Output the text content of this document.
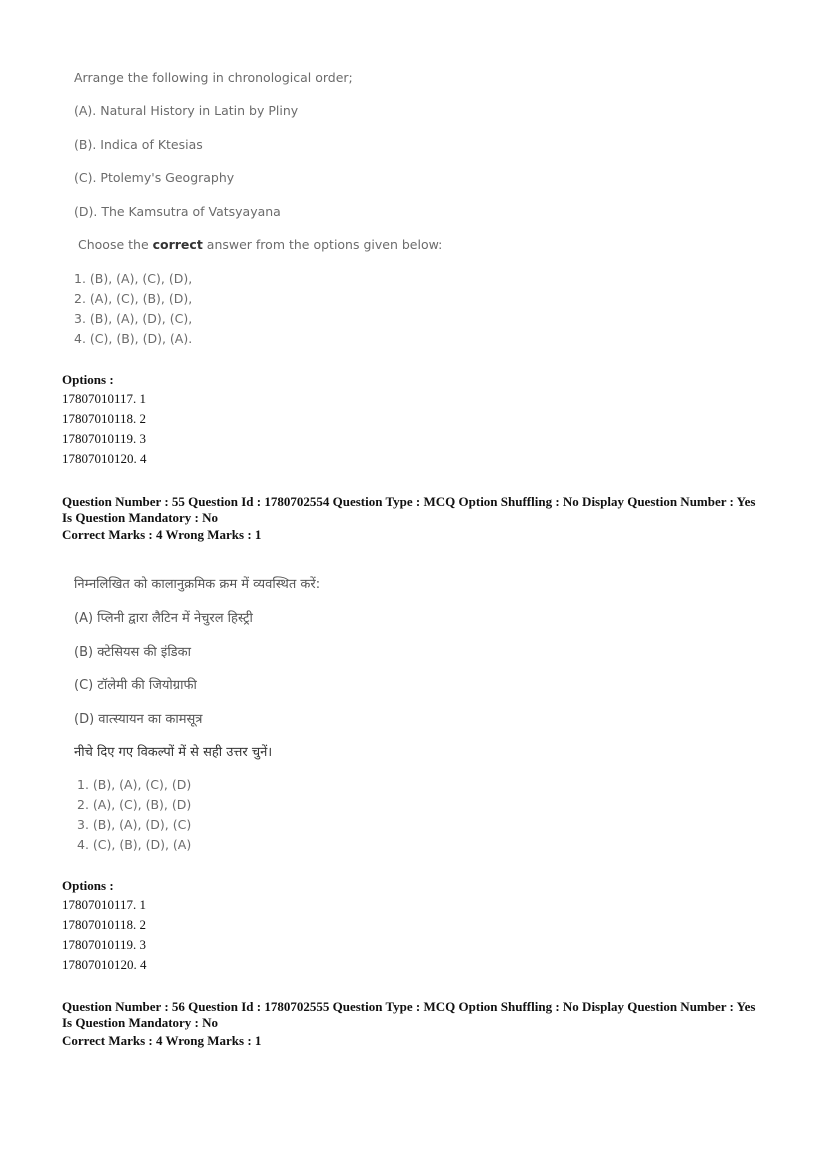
Arrange the following in chronological order;
(A). Natural History in Latin by Pliny
(B). Indica of Ktesias
(C). Ptolemy's Geography
(D). The Kamsutra of Vatsyayana
Choose the correct answer from the options given below:
1. (B), (A), (C), (D),
2. (A), (C), (B), (D),
3. (B), (A), (D), (C),
4. (C), (B), (D), (A).
Options :
17807010117. 1
17807010118. 2
17807010119. 3
17807010120. 4
Question Number : 55 Question Id : 1780702554 Question Type : MCQ Option Shuffling : No Display Question Number : Yes
Is Question Mandatory : No
Correct Marks : 4 Wrong Marks : 1
निम्नलिखित को कालानुक्रमिक क्रम में व्यवस्थित करें:
(A) प्लिनी द्वारा लैटिन में नेचुरल हिस्ट्री
(B) क्टेसियस की इंडिका
(C) टॉलेमी की जियोग्राफी
(D) वात्स्यायन का कामसूत्र
नीचे दिए गए विकल्पों में से सही उत्तर चुनें।
1. (B), (A), (C), (D)
2. (A), (C), (B), (D)
3. (B), (A), (D), (C)
4. (C), (B), (D), (A)
Options :
17807010117. 1
17807010118. 2
17807010119. 3
17807010120. 4
Question Number : 56 Question Id : 1780702555 Question Type : MCQ Option Shuffling : No Display Question Number : Yes
Is Question Mandatory : No
Correct Marks : 4 Wrong Marks : 1
